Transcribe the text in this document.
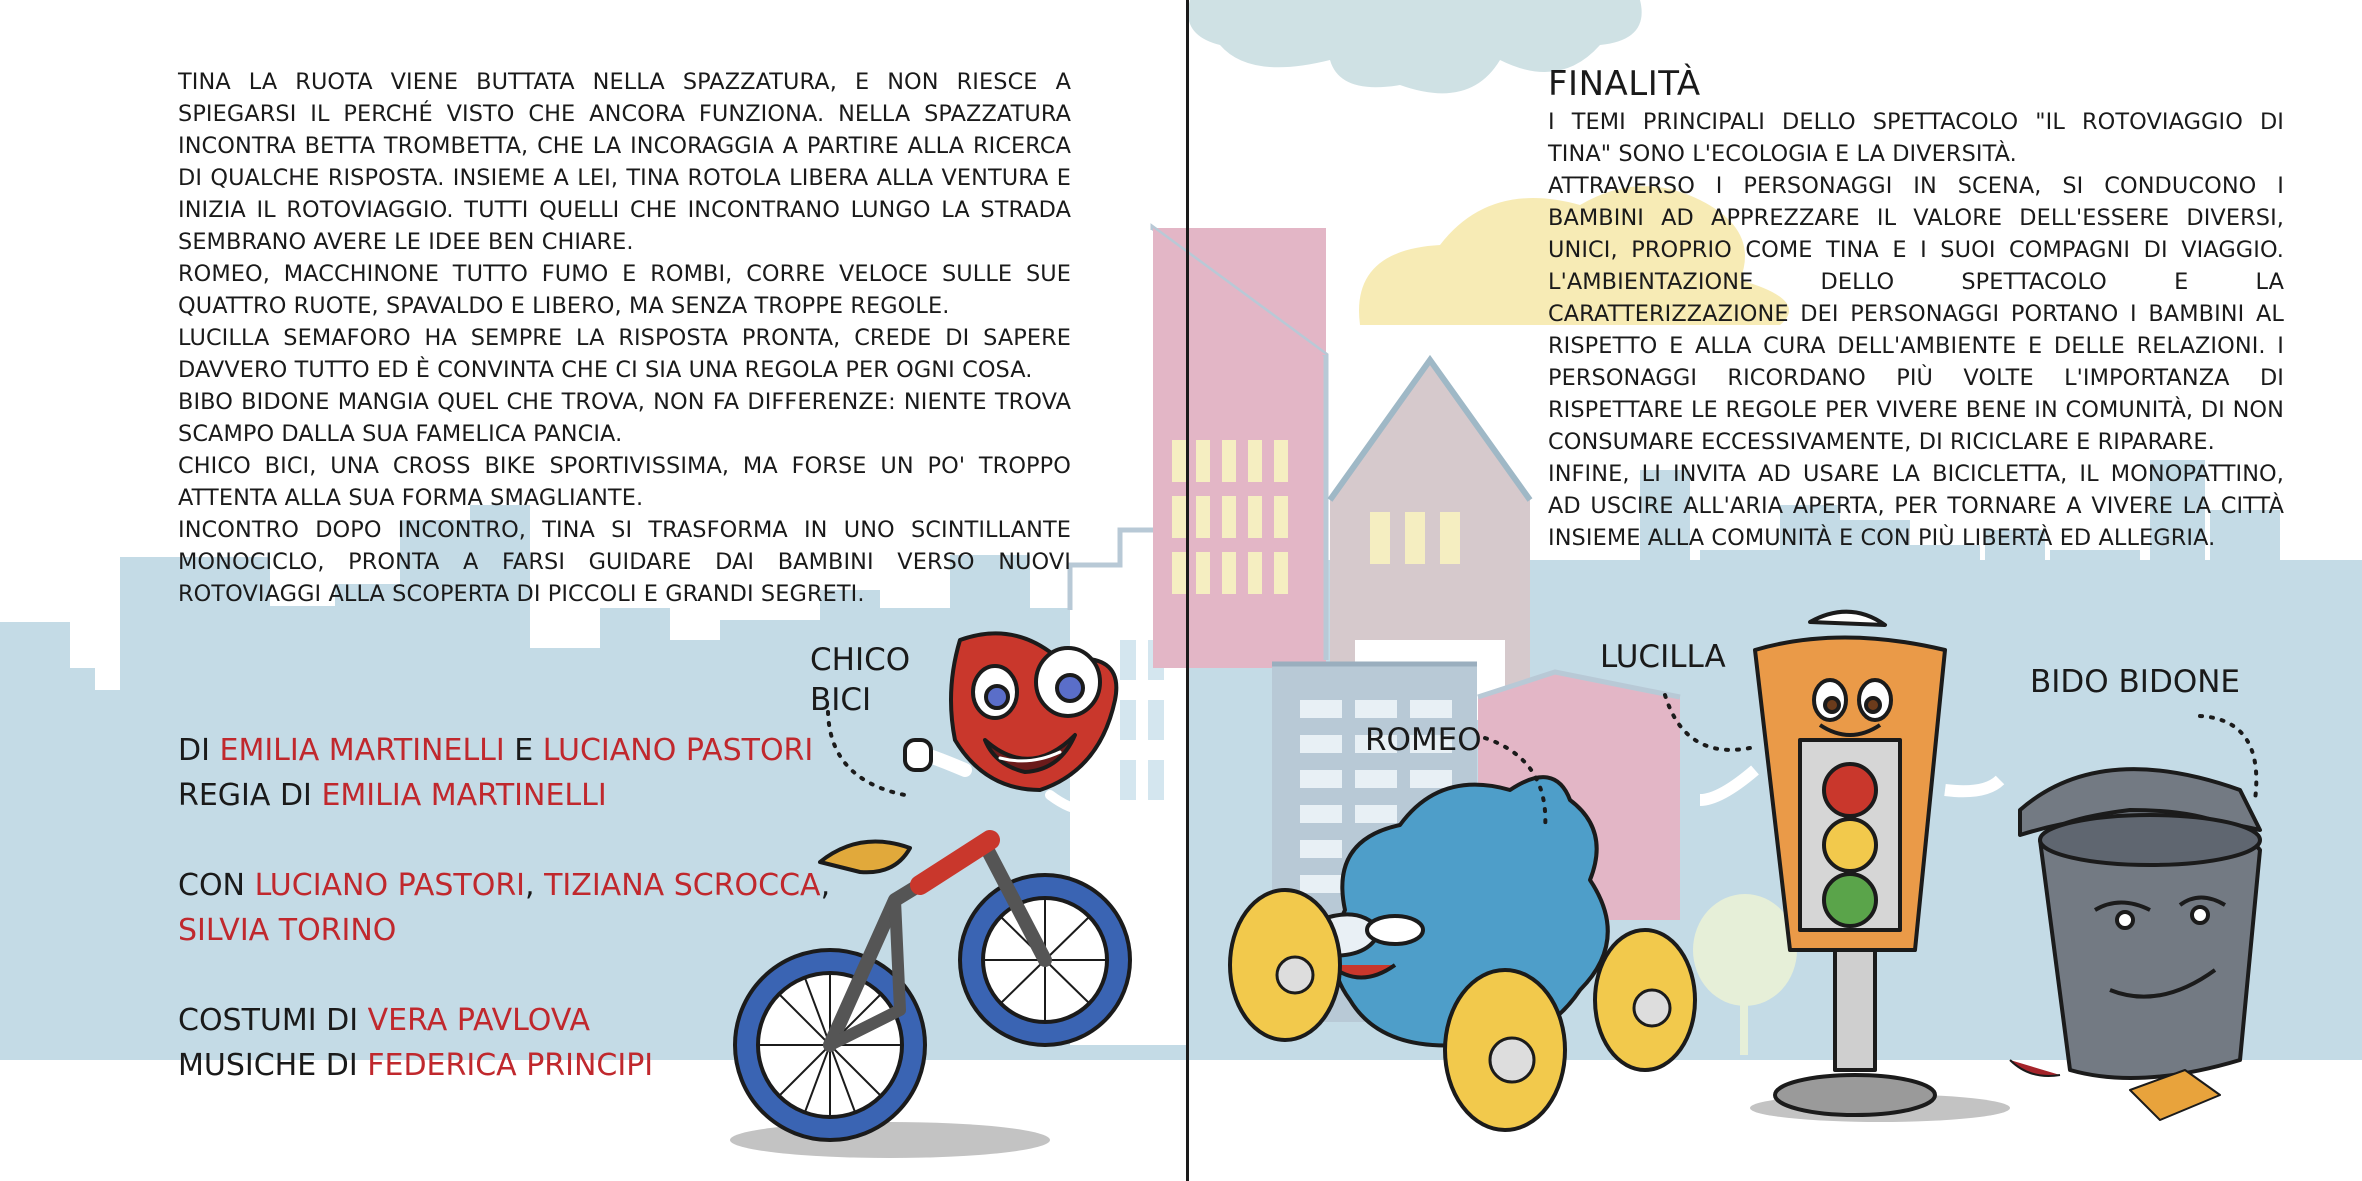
TINA LA RUOTA VIENE BUTTATA NELLA SPAZZATURA, E NON RIESCE A SPIEGARSI IL PERCHÉ VISTO CHE ANCORA FUNZIONA. NELLA SPAZZATURA INCONTRA BETTA TROMBETTA, CHE LA INCORAGGIA A PARTIRE ALLA RICERCA DI QUALCHE RISPOSTA. INSIEME A LEI, TINA ROTOLA LIBERA ALLA VENTURA E INIZIA IL ROTOVIAGGIO. TUTTI QUELLI CHE INCONTRANO LUNGO LA STRADA SEMBRANO AVERE LE IDEE BEN CHIARE.

ROMEO, MACCHINONE TUTTO FUMO E ROMBI, CORRE VELOCE SULLE SUE QUATTRO RUOTE, SPAVALDO E LIBERO, MA SENZA TROPPE REGOLE.

LUCILLA SEMAFORO HA SEMPRE LA RISPOSTA PRONTA, CREDE DI SAPERE DAVVERO TUTTO ED È CONVINTA CHE CI SIA UNA REGOLA PER OGNI COSA.

BIBO BIDONE MANGIA QUEL CHE TROVA, NON FA DIFFERENZE: NIENTE TROVA SCAMPO DALLA SUA FAMELICA PANCIA.

CHICO BICI, UNA CROSS BIKE SPORTIVISSIMA, MA FORSE UN PO' TROPPO ATTENTA ALLA SUA FORMA SMAGLIANTE.

INCONTRO DOPO INCONTRO, TINA SI TRASFORMA IN UNO SCINTILLANTE MONOCICLO, PRONTA A FARSI GUIDARE DAI BAMBINI VERSO NUOVI ROTOVIAGGI ALLA SCOPERTA DI PICCOLI E GRANDI SEGRETI.

DI EMILIA MARTINELLI E LUCIANO PASTORI
REGIA DI EMILIA MARTINELLI
CON LUCIANO PASTORI, TIZIANA SCROCCA,
SILVIA TORINO
COSTUMI DI VERA PAVLOVA
MUSICHE DI FEDERICA PRINCIPI
FINALITÀ

I TEMI PRINCIPALI DELLO SPETTACOLO "IL ROTOVIAGGIO DI TINA" SONO L'ECOLOGIA E LA DIVERSITÀ.

ATTRAVERSO I PERSONAGGI IN SCENA, SI CONDUCONO I BAMBINI AD APPREZZARE IL VALORE DELL'ESSERE DIVERSI, UNICI, PROPRIO COME TINA E I SUOI COMPAGNI DI VIAGGIO. L'AMBIENTAZIONE DELLO SPETTACOLO E LA CARATTERIZZAZIONE DEI PERSONAGGI PORTANO I BAMBINI AL RISPETTO E ALLA CURA DELL'AMBIENTE E DELLE RELAZIONI. I PERSONAGGI RICORDANO PIÙ VOLTE L'IMPORTANZA DI RISPETTARE LE REGOLE PER VIVERE BENE IN COMUNITÀ, DI NON CONSUMARE ECCESSIVAMENTE, DI RICICLARE E RIPARARE.

INFINE, LI INVITA AD USARE LA BICICLETTA, IL MONOPATTINO, AD USCIRE ALL'ARIA APERTA, PER TORNARE A VIVERE LA CITTÀ INSIEME ALLA COMUNITÀ E CON PIÙ LIBERTÀ ED ALLEGRIA.

CHICO BICI
ROMEO
LUCILLA
BIDO BIDONE
